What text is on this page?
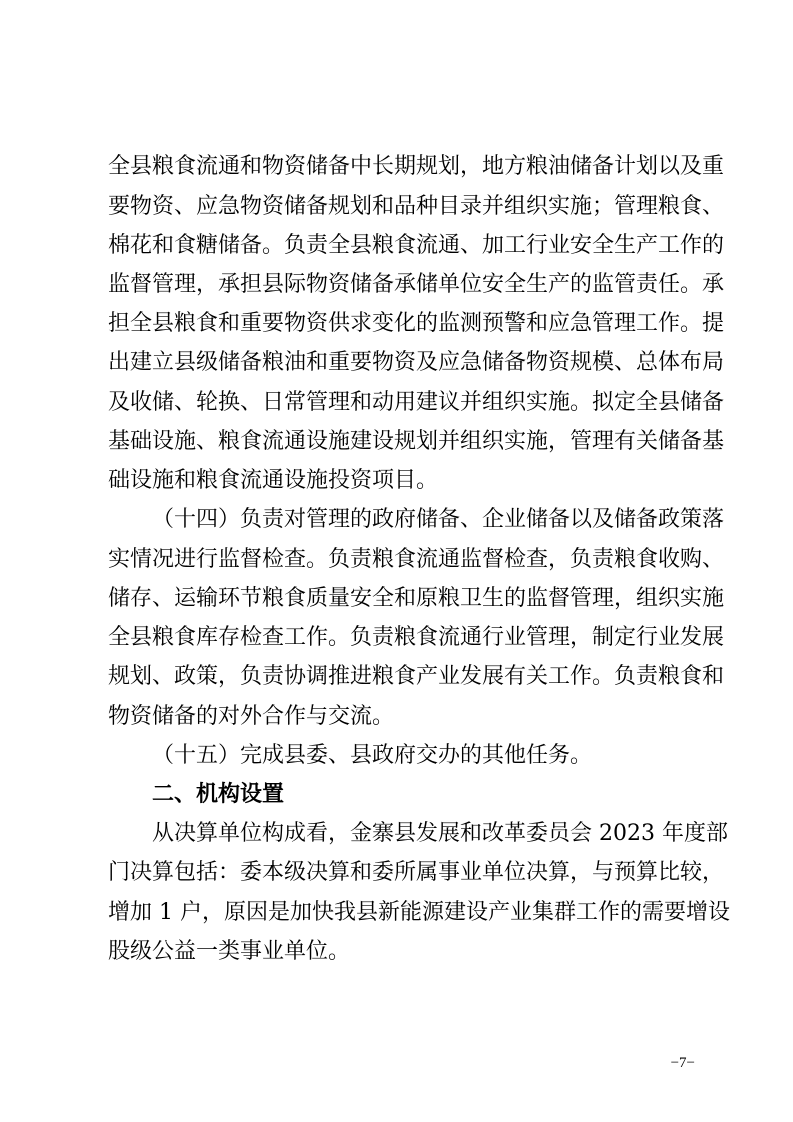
全县粮食流通和物资储备中长期规划，地方粮油储备计划以及重

要物资、应急物资储备规划和品种目录并组织实施；管理粮食、

棉花和食糖储备。负责全县粮食流通、加工行业安全生产工作的

监督管理，承担县际物资储备承储单位安全生产的监管责任。承

担全县粮食和重要物资供求变化的监测预警和应急管理工作。提

出建立县级储备粮油和重要物资及应急储备物资规模、总体布局

及收储、轮换、日常管理和动用建议并组织实施。拟定全县储备

基础设施、粮食流通设施建设规划并组织实施，管理有关储备基

础设施和粮食流通设施投资项目。

（十四）负责对管理的政府储备、企业储备以及储备政策落

实情况进行监督检查。负责粮食流通监督检查，负责粮食收购、

储存、运输环节粮食质量安全和原粮卫生的监督管理，组织实施

全县粮食库存检查工作。负责粮食流通行业管理，制定行业发展

规划、政策，负责协调推进粮食产业发展有关工作。负责粮食和

物资储备的对外合作与交流。

（十五）完成县委、县政府交办的其他任务。

二、机构设置

从决算单位构成看，金寨县发展和改革委员会 2023 年度部

门决算包括：委本级决算和委所属事业单位决算，与预算比较，

增加 1 户，原因是加快我县新能源建设产业集群工作的需要增设

股级公益一类事业单位。

−7−
